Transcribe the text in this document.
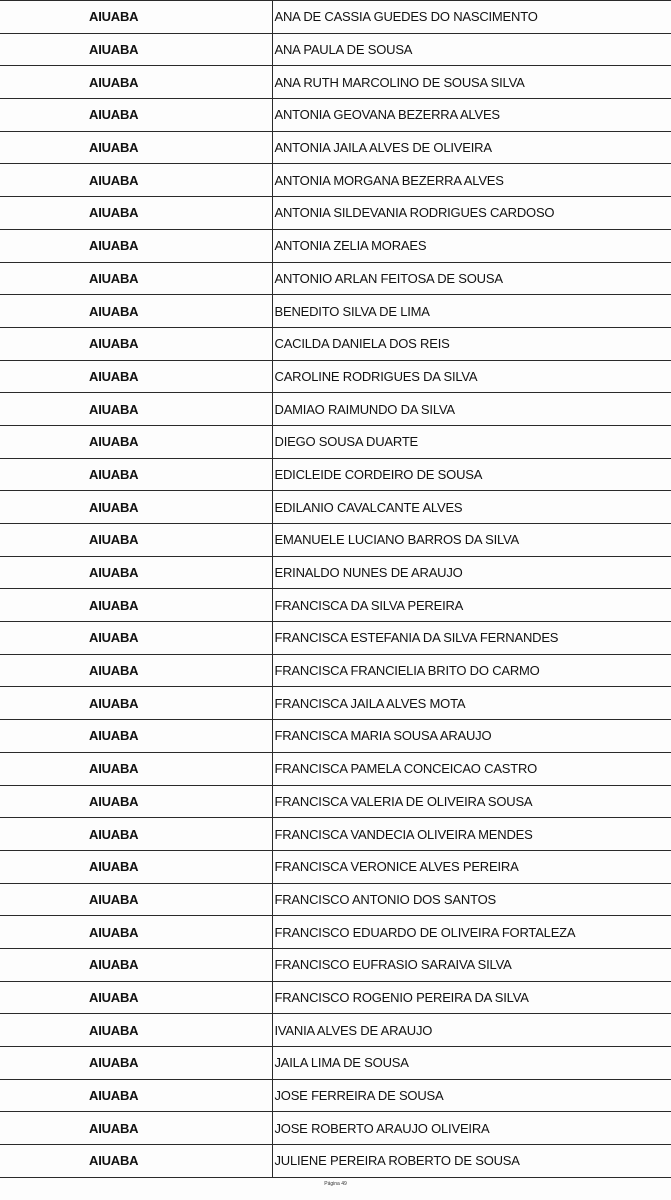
AIUABA	ANA DE CASSIA GUEDES DO NASCIMENTO
AIUABA	ANA PAULA DE SOUSA
AIUABA	ANA RUTH MARCOLINO DE SOUSA SILVA
AIUABA	ANTONIA GEOVANA BEZERRA ALVES
AIUABA	ANTONIA JAILA ALVES DE OLIVEIRA
AIUABA	ANTONIA MORGANA BEZERRA ALVES
AIUABA	ANTONIA SILDEVANIA RODRIGUES CARDOSO
AIUABA	ANTONIA ZELIA MORAES
AIUABA	ANTONIO ARLAN FEITOSA DE SOUSA
AIUABA	BENEDITO SILVA DE LIMA
AIUABA	CACILDA DANIELA DOS REIS
AIUABA	CAROLINE RODRIGUES DA SILVA
AIUABA	DAMIAO RAIMUNDO DA SILVA
AIUABA	DIEGO SOUSA DUARTE
AIUABA	EDICLEIDE CORDEIRO DE SOUSA
AIUABA	EDILANIO CAVALCANTE ALVES
AIUABA	EMANUELE LUCIANO BARROS DA SILVA
AIUABA	ERINALDO NUNES DE ARAUJO
AIUABA	FRANCISCA DA SILVA PEREIRA
AIUABA	FRANCISCA ESTEFANIA DA SILVA FERNANDES
AIUABA	FRANCISCA FRANCIELIA BRITO DO CARMO
AIUABA	FRANCISCA JAILA ALVES MOTA
AIUABA	FRANCISCA MARIA SOUSA ARAUJO
AIUABA	FRANCISCA PAMELA CONCEICAO CASTRO
AIUABA	FRANCISCA VALERIA DE OLIVEIRA SOUSA
AIUABA	FRANCISCA VANDECIA OLIVEIRA MENDES
AIUABA	FRANCISCA VERONICE ALVES PEREIRA
AIUABA	FRANCISCO ANTONIO DOS SANTOS
AIUABA	FRANCISCO EDUARDO DE OLIVEIRA FORTALEZA
AIUABA	FRANCISCO EUFRASIO SARAIVA SILVA
AIUABA	FRANCISCO ROGENIO PEREIRA DA SILVA
AIUABA	IVANIA ALVES DE ARAUJO
AIUABA	JAILA LIMA DE SOUSA
AIUABA	JOSE FERREIRA DE SOUSA
AIUABA	JOSE ROBERTO ARAUJO OLIVEIRA
AIUABA	JULIENE PEREIRA ROBERTO DE SOUSA
Página 49
